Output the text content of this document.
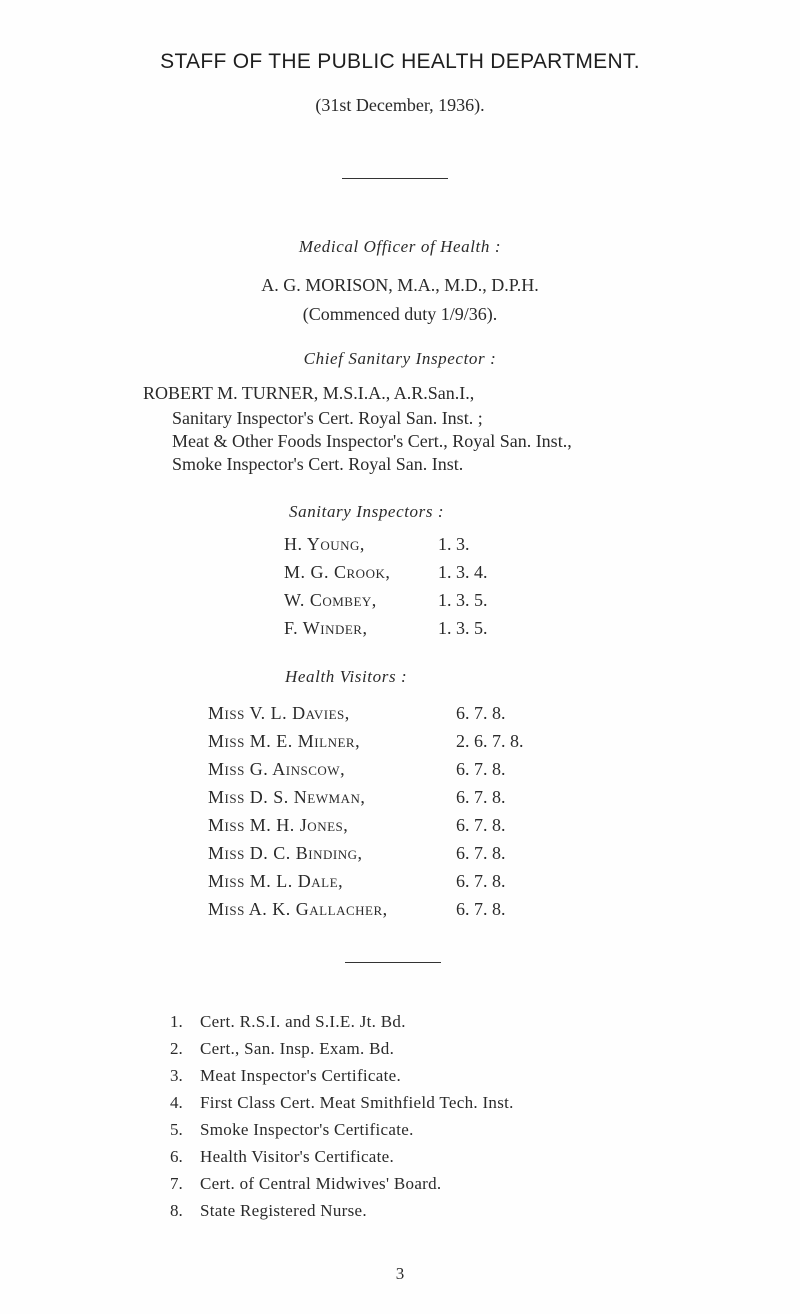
STAFF OF THE PUBLIC HEALTH DEPARTMENT.
(31st December, 1936).
Medical Officer of Health :
A. G. MORISON, M.A., M.D., D.P.H.
(Commenced duty 1/9/36).
Chief Sanitary Inspector :
ROBERT M. TURNER, M.S.I.A., A.R.San.I.,
Sanitary Inspector's Cert. Royal San. Inst. ;
Meat & Other Foods Inspector's Cert., Royal San. Inst.,
Smoke Inspector's Cert. Royal San. Inst.
Sanitary Inspectors :
H. Young,	1. 3.
M. G. Crook,	1. 3. 4.
W. Combey,	1. 3. 5.
F. Winder,	1. 3. 5.
Health Visitors :
Miss V. L. Davies,	6. 7. 8.
Miss M. E. Milner,	2. 6. 7. 8.
Miss G. Ainscow,	6. 7. 8.
Miss D. S. Newman,	6. 7. 8.
Miss M. H. Jones,	6. 7. 8.
Miss D. C. Binding,	6. 7. 8.
Miss M. L. Dale,	6. 7. 8.
Miss A. K. Gallacher,	6. 7. 8.
1. Cert. R.S.I. and S.I.E. Jt. Bd.
2. Cert., San. Insp. Exam. Bd.
3. Meat Inspector's Certificate.
4. First Class Cert. Meat Smithfield Tech. Inst.
5. Smoke Inspector's Certificate.
6. Health Visitor's Certificate.
7. Cert. of Central Midwives' Board.
8. State Registered Nurse.
3
